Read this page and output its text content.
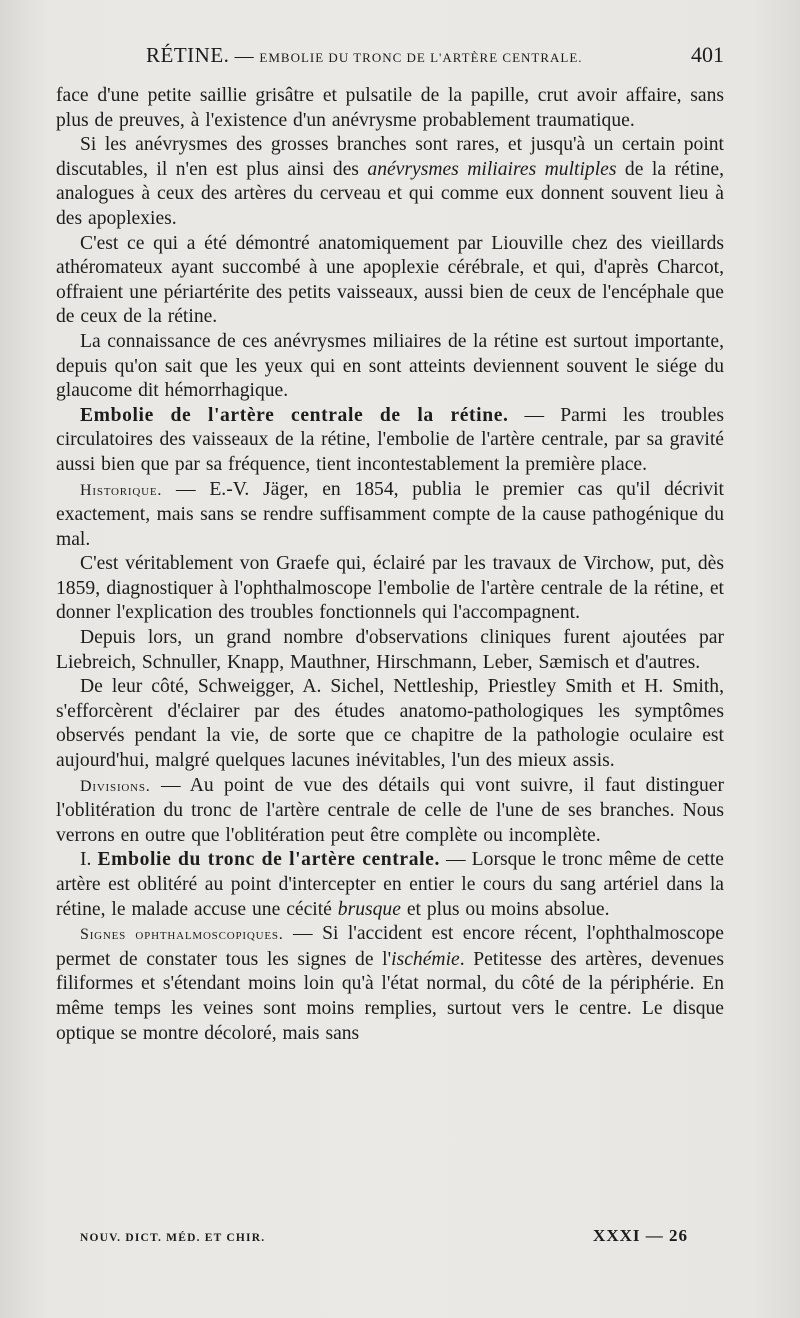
RÉTINE. — EMBOLIE DU TRONC DE L'ARTÈRE CENTRALE.	401

face d'une petite saillie grisâtre et pulsatile de la papille, crut avoir affaire, sans plus de preuves, à l'existence d'un anévrysme probablement traumatique.

Si les anévrysmes des grosses branches sont rares, et jusqu'à un certain point discutables, il n'en est plus ainsi des anévrysmes miliaires multiples de la rétine, analogues à ceux des artères du cerveau et qui comme eux donnent souvent lieu à des apoplexies.

C'est ce qui a été démontré anatomiquement par Liouville chez des vieillards athéromateux ayant succombé à une apoplexie cérébrale, et qui, d'après Charcot, offraient une périartérite des petits vaisseaux, aussi bien de ceux de l'encéphale que de ceux de la rétine.

La connaissance de ces anévrysmes miliaires de la rétine est surtout importante, depuis qu'on sait que les yeux qui en sont atteints deviennent souvent le siége du glaucome dit hémorrhagique.

Embolie de l'artère centrale de la rétine. — Parmi les troubles circulatoires des vaisseaux de la rétine, l'embolie de l'artère centrale, par sa gravité aussi bien que par sa fréquence, tient incontestablement la première place.

Historique. — E.-V. Jäger, en 1854, publia le premier cas qu'il décrivit exactement, mais sans se rendre suffisamment compte de la cause pathogénique du mal.

C'est véritablement von Graefe qui, éclairé par les travaux de Virchow, put, dès 1859, diagnostiquer à l'ophthalmoscope l'embolie de l'artère centrale de la rétine, et donner l'explication des troubles fonctionnels qui l'accompagnent.

Depuis lors, un grand nombre d'observations cliniques furent ajoutées par Liebreich, Schnuller, Knapp, Mauthner, Hirschmann, Leber, Sæmisch et d'autres.

De leur côté, Schweigger, A. Sichel, Nettleship, Priestley Smith et H. Smith, s'efforcèrent d'éclairer par des études anatomo-pathologiques les symptômes observés pendant la vie, de sorte que ce chapitre de la pathologie oculaire est aujourd'hui, malgré quelques lacunes inévitables, l'un des mieux assis.

Divisions. — Au point de vue des détails qui vont suivre, il faut distinguer l'oblitération du tronc de l'artère centrale de celle de l'une de ses branches. Nous verrons en outre que l'oblitération peut être complète ou incomplète.

I. Embolie du tronc de l'artère centrale. — Lorsque le tronc même de cette artère est oblitéré au point d'intercepter en entier le cours du sang artériel dans la rétine, le malade accuse une cécité brusque et plus ou moins absolue.

Signes ophthalmoscopiques. — Si l'accident est encore récent, l'ophthalmoscope permet de constater tous les signes de l'ischémie. Petitesse des artères, devenues filiformes et s'étendant moins loin qu'à l'état normal, du côté de la périphérie. En même temps les veines sont moins remplies, surtout vers le centre. Le disque optique se montre décoloré, mais sans

NOUV. DICT. MÉD. ET CHIR.	XXXI — 26
